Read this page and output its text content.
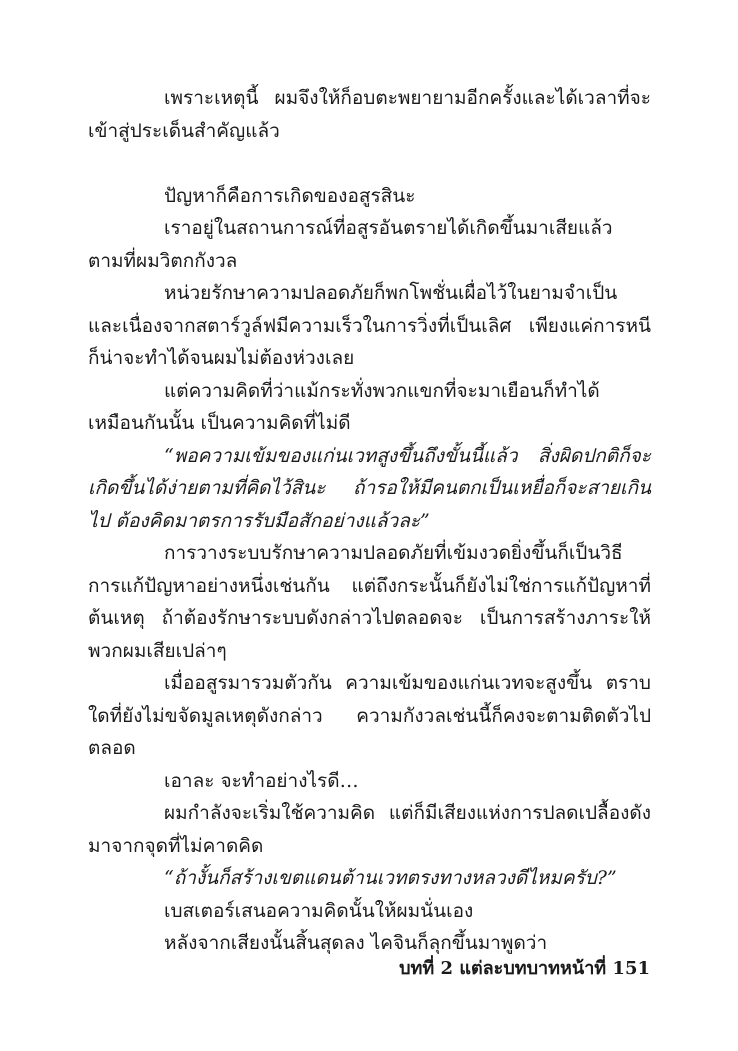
เพราะเหตุนี้ ผมจึงให้ก็อบตะพยายามอีกครั้งและได้เวลาที่จะเข้าสู่ประเด็นสำคัญแล้ว

ปัญหาก็คือการเกิดของอสูรสินะ

เราอยู่ในสถานการณ์ที่อสูรอันตรายได้เกิดขึ้นมาเสียแล้ว ตามที่ผมวิตกกังวล

หน่วยรักษาความปลอดภัยก็พกโพชั่นเผื่อไว้ในยามจำเป็น และเนื่องจากสตาร์วูล์ฟมีความเร็วในการวิ่งที่เป็นเลิศ เพียงแค่การหนีก็น่าจะทำได้จนผมไม่ต้องห่วงเลย

แต่ความคิดที่ว่าแม้กระทั่งพวกแขกที่จะมาเยือนก็ทำได้เหมือนกันนั้น เป็นความคิดที่ไม่ดี

“พอความเข้มของแก่นเวทสูงขึ้นถึงขั้นนี้แล้ว สิ่งผิดปกติก็จะเกิดขึ้นได้ง่ายตามที่คิดไว้สินะ ถ้ารอให้มีคนตกเป็นเหยื่อก็จะสายเกินไป ต้องคิดมาตรการรับมือสักอย่างแล้วละ”

การวางระบบรักษาความปลอดภัยที่เข้มงวดยิ่งขึ้นก็เป็นวิธีการแก้ปัญหาอย่างหนึ่งเช่นกัน แต่ถึงกระนั้นก็ยังไม่ใช่การแก้ปัญหาที่ต้นเหตุ ถ้าต้องรักษาระบบดังกล่าวไปตลอดจะ เป็นการสร้างภาระให้พวกผมเสียเปล่าๆ

เมื่ออสูรมารวมตัวกัน ความเข้มของแก่นเวทจะสูงขึ้น ตราบใดที่ยังไม่ขจัดมูลเหตุดังกล่าว ความกังวลเช่นนี้ก็คงจะตามติดตัวไปตลอด

เอาละ จะทำอย่างไรดี…

ผมกำลังจะเริ่มใช้ความคิด แต่ก็มีเสียงแห่งการปลดเปลื้องดังมาจากจุดที่ไม่คาดคิด

“ถ้างั้นก็สร้างเขตแดนต้านเวทตรงทางหลวงดีไหมครับ?”

เบสเตอร์เสนอความคิดนั้นให้ผมนั่นเอง

หลังจากเสียงนั้นสิ้นสุดลง ไคจินก็ลุกขึ้นมาพูดว่า

บทที่ 2 แต่ละบทบาทหน้าที่ 151
